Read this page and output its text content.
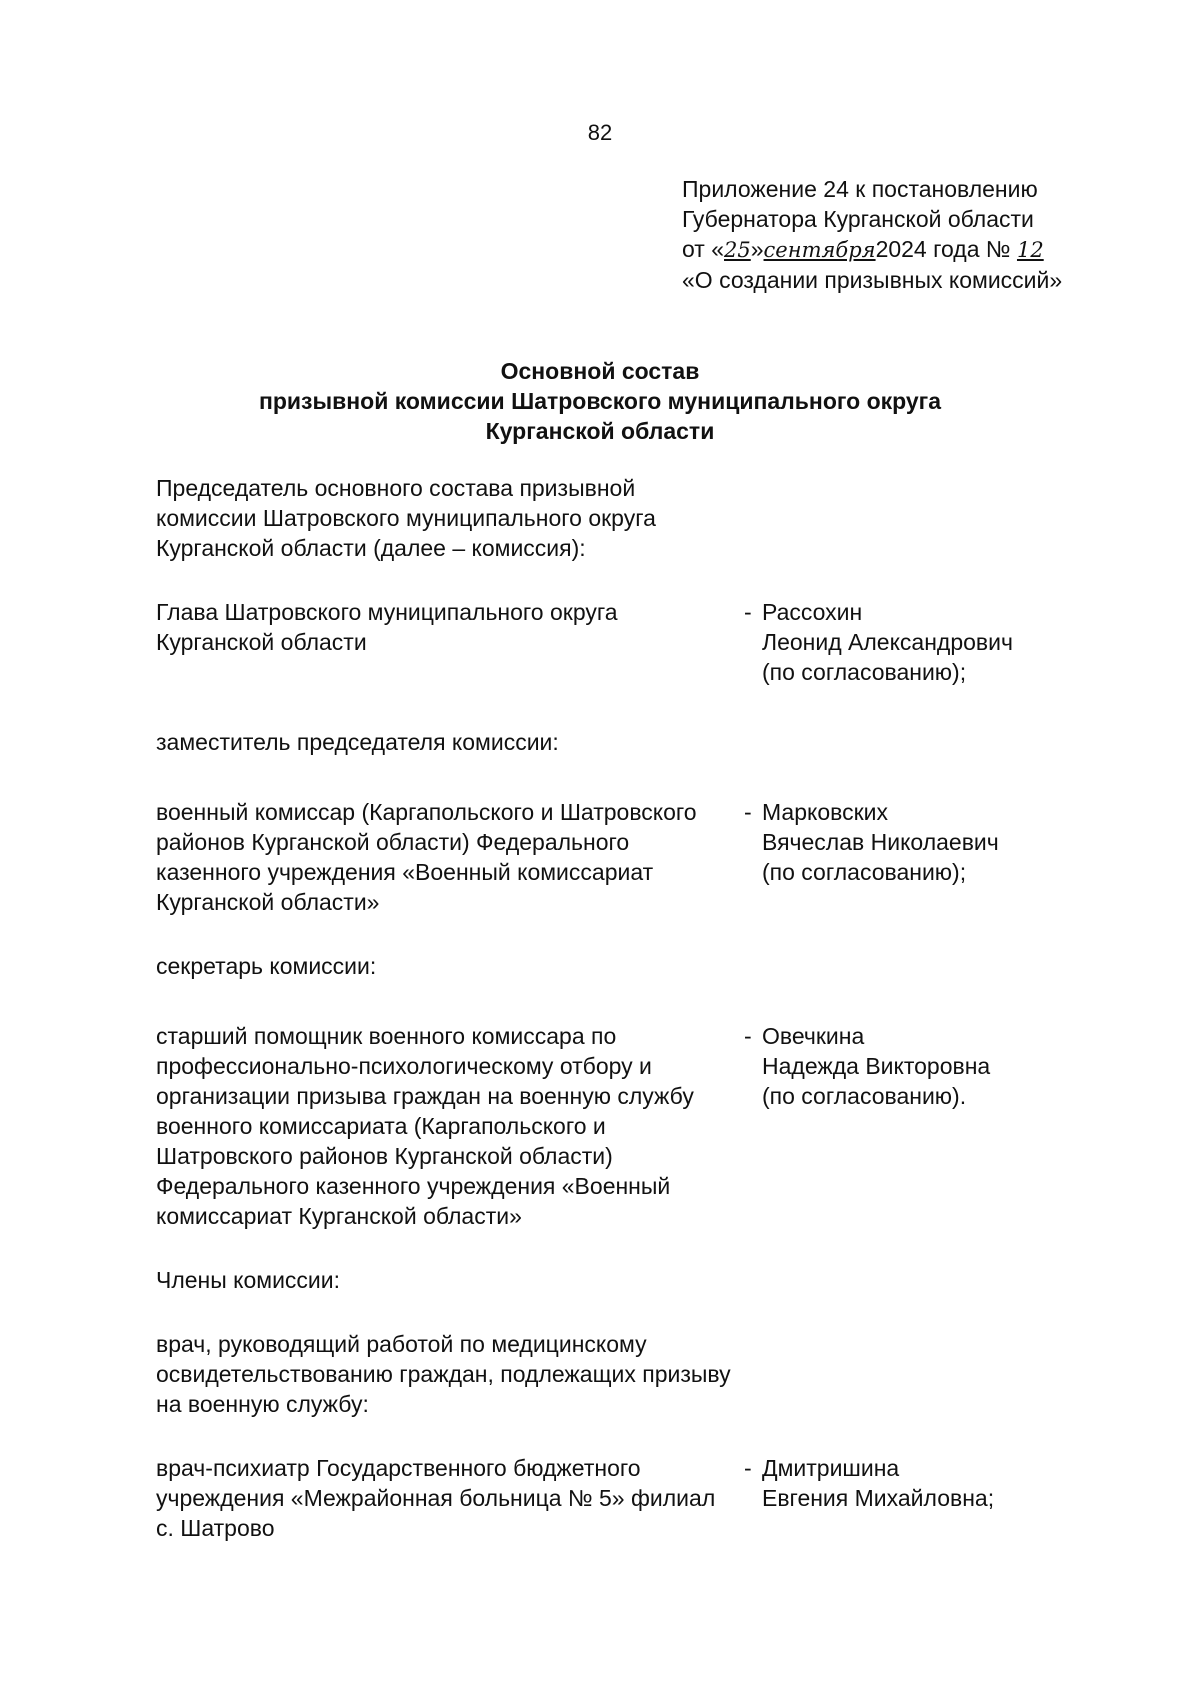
82
Приложение 24 к постановлению
Губернатора Курганской области
от «25»сентября2024 года № 12
«О создании призывных комиссий»
Основной состав
призывной комиссии Шатровского муниципального округа
Курганской области
Председатель основного состава призывной комиссии Шатровского муниципального округа Курганской области (далее – комиссия):
Глава Шатровского муниципального округа Курганской области
- Рассохин
Леонид Александрович
(по согласованию);
заместитель председателя комиссии:
военный комиссар (Каргапольского и Шатровского районов Курганской области) Федерального казенного учреждения «Военный комиссариат Курганской области»
- Марковских
Вячеслав Николаевич
(по согласованию);
секретарь комиссии:
старший помощник военного комиссара по профессионально-психологическому отбору и организации призыва граждан на военную службу военного комиссариата (Каргапольского и Шатровского районов Курганской области) Федерального казенного учреждения «Военный комиссариат Курганской области»
- Овечкина
Надежда Викторовна
(по согласованию).
Члены комиссии:
врач, руководящий работой по медицинскому освидетельствованию граждан, подлежащих призыву на военную службу:
врач-психиатр Государственного бюджетного учреждения «Межрайонная больница № 5» филиал с. Шатрово
- Дмитришина
Евгения Михайловна;
